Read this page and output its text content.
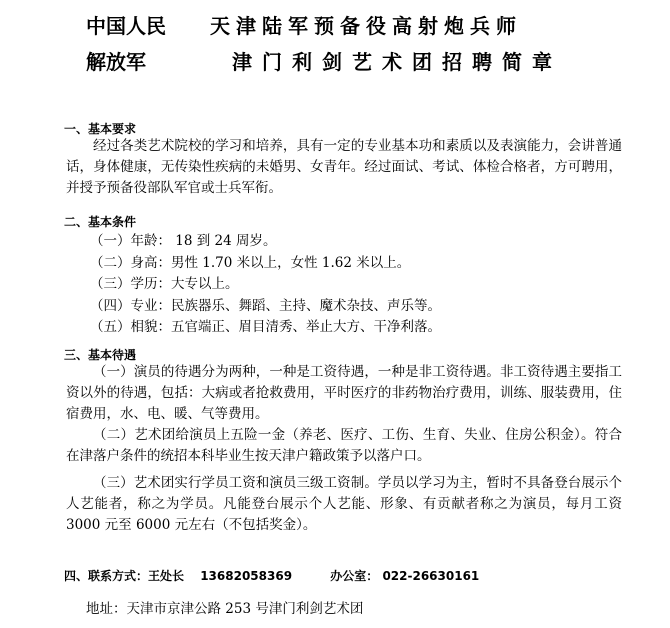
中国人民
解放军
天津陆军预备役高射炮兵师
津门利剑艺术团招聘简章
一、基本要求
经过各类艺术院校的学习和培养，具有一定的专业基本功和素质以及表演能力，会讲普通话，身体健康，无传染性疾病的未婚男、女青年。经过面试、考试、体检合格者，方可聘用，并授予预备役部队军官或士兵军衔。
二、基本条件
（一）年龄： 18 到 24 周岁。
（二）身高：男性 1.70 米以上，女性 1.62 米以上。
（三）学历：大专以上。
（四）专业：民族器乐、舞蹈、主持、魔术杂技、声乐等。
（五）相貌：五官端正、眉目清秀、举止大方、干净利落。
三、基本待遇

（一）演员的待遇分为两种，一种是工资待遇，一种是非工资待遇。非工资待遇主要指工资以外的待遇，包括：大病或者抢救费用，平时医疗的非药物治疗费用，训练、服装费用，住宿费用，水、电、暖、气等费用。

（二）艺术团给演员上五险一金（养老、医疗、工伤、生育、失业、住房公积金）。符合在津落户条件的统招本科毕业生按天津户籍政策予以落户口。

（三）艺术团实行学员工资和演员三级工资制。学员以学习为主，暂时不具备登台展示个人艺能者，称之为学员。凡能登台展示个人艺能、形象、有贡献者称之为演员，每月工资 3000 元至 6000 元左右（不包括奖金）。

四、联系方式：王处长 13682058369	办公室： 022-26630161
地址：天津市京津公路 253 号津门利剑艺术团
